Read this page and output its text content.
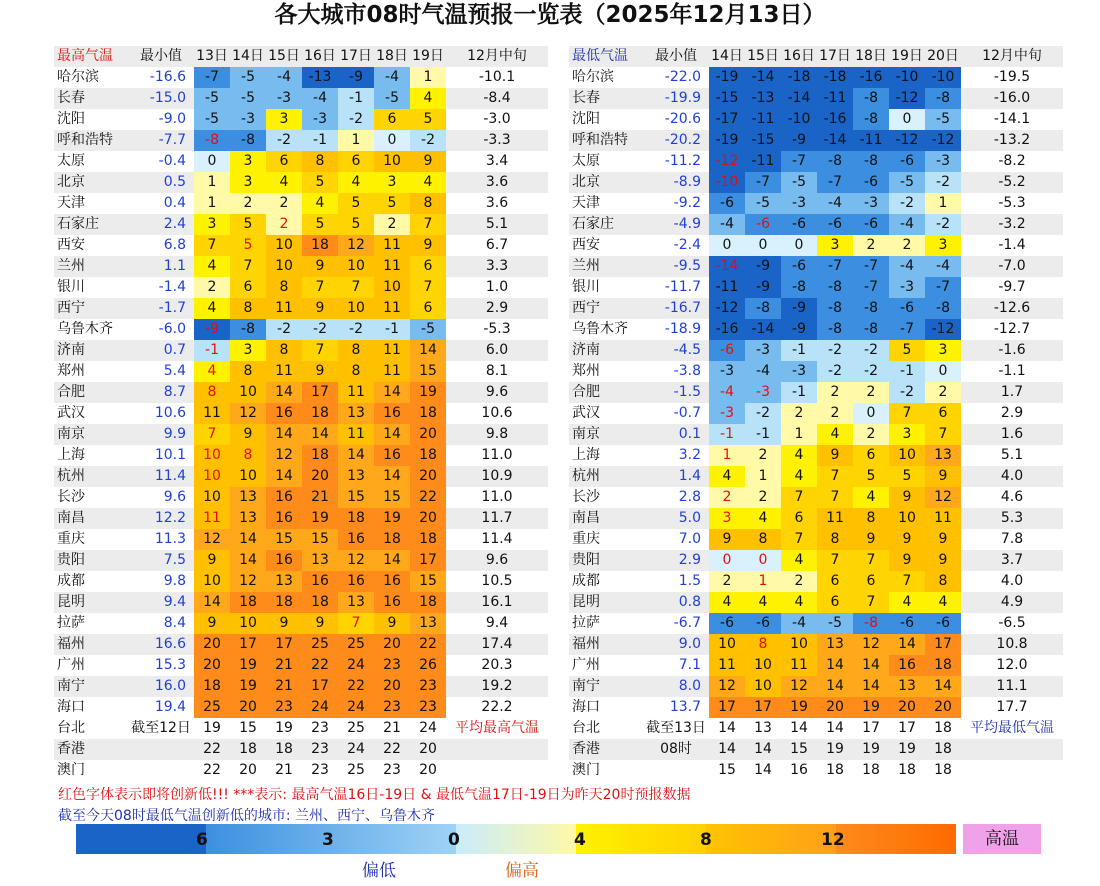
各大城市08时气温预报一览表（2025年12月13日）
最高气温	最小值	13日	14日	15日	16日	17日	18日	19日	12月中旬
哈尔滨	-16.6	-7	-5	-4	-13	-9	-4	1	-10.1
长春	-15.0	-5	-5	-3	-4	-1	-5	4	-8.4
沈阳	-9.0	-5	-3	3	-3	-2	6	5	-3.0
呼和浩特	-7.7	-8	-8	-2	-1	1	0	-2	-3.3
太原	-0.4	0	3	6	8	6	10	9	3.4
北京	0.5	1	3	4	5	4	3	4	3.6
天津	0.4	1	2	2	4	5	5	8	3.6
石家庄	2.4	3	5	2	5	5	2	7	5.1
西安	6.8	7	5	10	18	12	11	9	6.7
兰州	1.1	4	7	10	9	10	11	6	3.3
银川	-1.4	2	6	8	7	7	10	7	1.0
西宁	-1.7	4	8	11	9	10	11	6	2.9
乌鲁木齐	-6.0	-9	-8	-2	-2	-2	-1	-5	-5.3
济南	0.7	-1	3	8	7	8	11	14	6.0
郑州	5.4	4	8	11	9	8	11	15	8.1
合肥	8.7	8	10	14	17	11	14	19	9.6
武汉	10.6	11	12	16	18	13	16	18	10.6
南京	9.9	7	9	14	14	11	14	20	9.8
上海	10.1	10	8	12	18	14	16	18	11.0
杭州	11.4	10	10	14	20	13	14	20	10.9
长沙	9.6	10	13	16	21	15	15	22	11.0
南昌	12.2	11	13	16	19	18	19	20	11.7
重庆	11.3	12	14	15	15	16	18	18	11.4
贵阳	7.5	9	14	16	13	12	14	17	9.6
成都	9.8	10	12	13	16	16	16	15	10.5
昆明	9.4	14	18	18	18	13	16	18	16.1
拉萨	8.4	9	10	9	9	7	9	13	9.4
福州	16.6	20	17	17	25	25	20	22	17.4
广州	15.3	20	19	21	22	24	23	26	20.3
南宁	16.0	18	19	21	17	22	20	23	19.2
海口	19.4	25	20	23	24	24	23	23	22.2
台北	截至12日	19	15	19	23	25	21	24	平均最高气温
香港		22	18	18	23	24	22	20	
澳门		22	20	21	23	25	23	20	
最低气温	最小值	14日	15日	16日	17日	18日	19日	20日	12月中旬
哈尔滨	-22.0	-19	-14	-18	-18	-16	-10	-10	-19.5
长春	-19.9	-15	-13	-14	-11	-8	-12	-8	-16.0
沈阳	-20.6	-17	-11	-10	-16	-8	0	-5	-14.1
呼和浩特	-20.2	-19	-15	-9	-14	-11	-12	-12	-13.2
太原	-11.2	-12	-11	-7	-8	-8	-6	-3	-8.2
北京	-8.9	-10	-7	-5	-7	-6	-5	-2	-5.2
天津	-9.2	-6	-5	-3	-4	-3	-2	1	-5.3
石家庄	-4.9	-4	-6	-6	-6	-6	-4	-2	-3.2
西安	-2.4	0	0	0	3	2	2	3	-1.4
兰州	-9.5	-14	-9	-6	-7	-7	-4	-4	-7.0
银川	-11.7	-11	-9	-8	-8	-7	-3	-7	-9.7
西宁	-16.7	-12	-8	-9	-8	-8	-6	-8	-12.6
乌鲁木齐	-18.9	-16	-14	-9	-8	-8	-7	-12	-12.7
济南	-4.5	-6	-3	-1	-2	-2	5	3	-1.6
郑州	-3.8	-3	-4	-3	-2	-2	-1	0	-1.1
合肥	-1.5	-4	-3	-1	2	2	-2	2	1.7
武汉	-0.7	-3	-2	2	2	0	7	6	2.9
南京	0.1	-1	-1	1	4	2	3	7	1.6
上海	3.2	1	2	4	9	6	10	13	5.1
杭州	1.4	4	1	4	7	5	5	9	4.0
长沙	2.8	2	2	7	7	4	9	12	4.6
南昌	5.0	3	4	6	11	8	10	11	5.3
重庆	7.0	9	8	7	8	9	9	9	7.8
贵阳	2.9	0	0	4	7	7	9	9	3.7
成都	1.5	2	1	2	6	6	7	8	4.0
昆明	0.8	4	4	4	6	7	4	4	4.9
拉萨	-6.7	-6	-6	-4	-5	-8	-6	-6	-6.5
福州	9.0	10	8	10	13	12	14	17	10.8
广州	7.1	11	10	11	14	14	16	18	12.0
南宁	8.0	12	10	12	14	14	13	14	11.1
海口	13.7	17	17	19	20	19	20	20	17.7
台北	截至13日	14	13	14	14	17	17	18	平均最低气温
香港	08时	14	14	15	19	19	19	18	
澳门		15	14	16	18	18	18	18	
红色字体表示即将创新低!!! ***表示: 最高气温16日-19日 & 最低气温17日-19日为昨天20时预报数据
截至今天08时最低气温创新低的城市: 兰州、西宁、乌鲁木齐
6	3	0	4	8	12	高温
偏低	偏高
